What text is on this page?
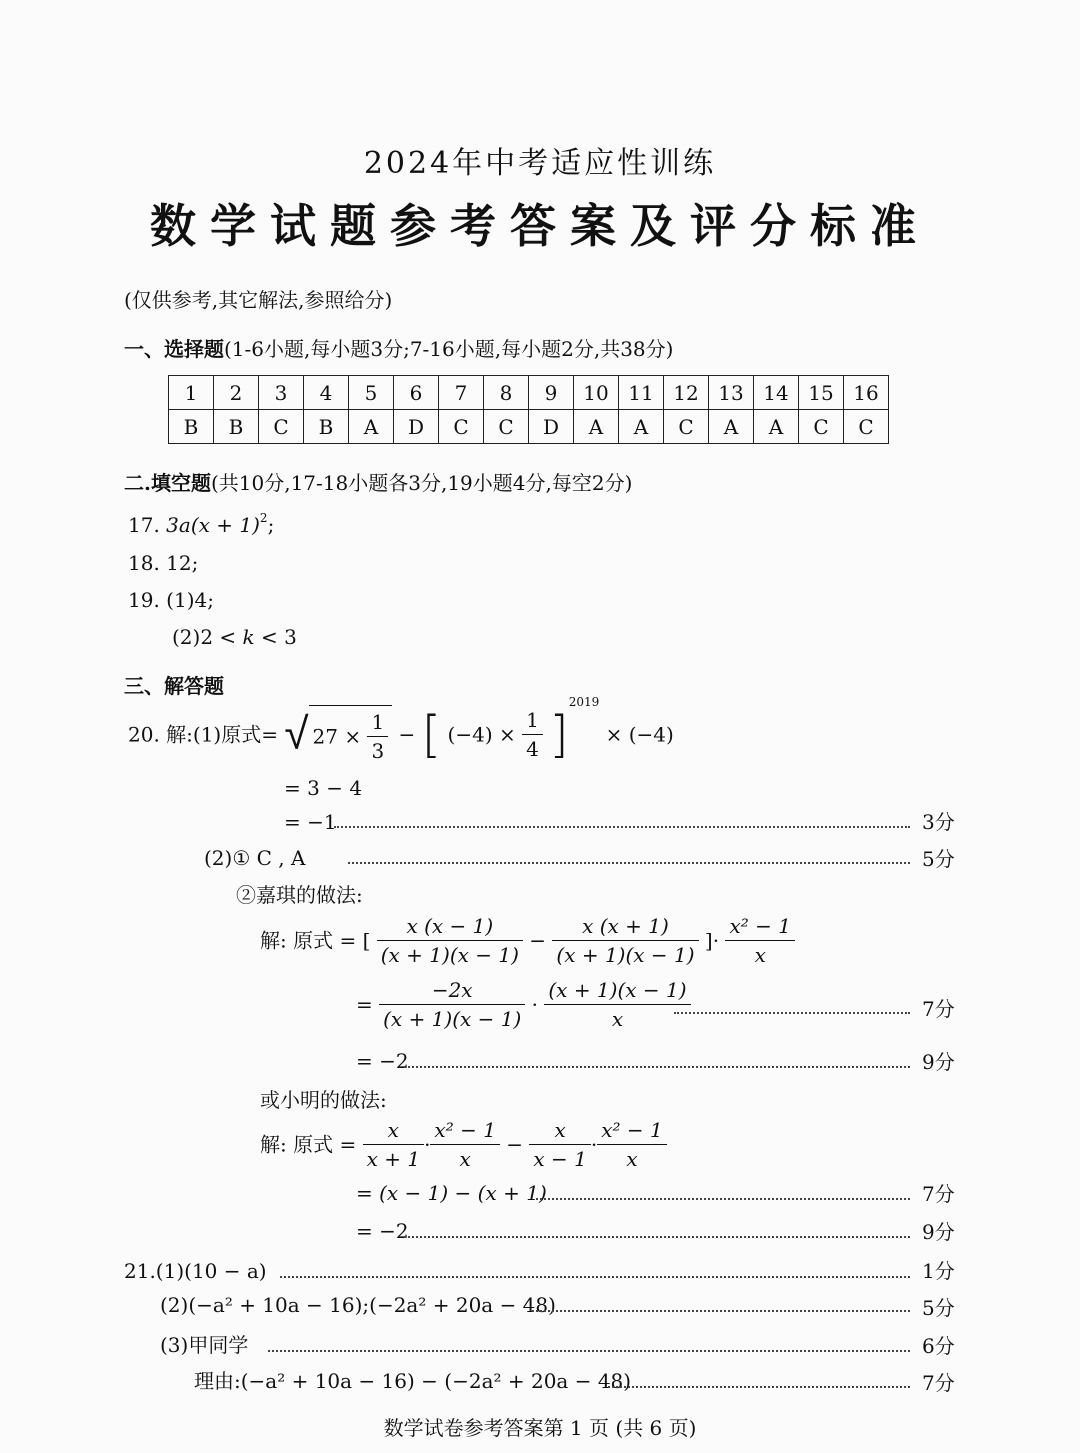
2024年中考适应性训练
数学试题参考答案及评分标准
(仅供参考,其它解法,参照给分)
一、选择题(1-6小题,每小题3分;7-16小题,每小题2分,共38分)
1	2	3	4	5	6	7	8	9	10	11	12	13	14	15	16
B	B	C	B	A	D	C	C	D	A	A	C	A	A	C	C
二.填空题(共10分,17-18小题各3分,19小题4分,每空2分)
17. $3a(x + 1)^2$;
18. 12;
19. (1)4;
(2)2 < k < 3
三、解答题
20. 解:(1)原式= √ $27 \times \frac{1}{3}$ − [ $(-4) \times \frac{1}{4} ]^{2019} \times (-4)$
= 3 − 4
= −1	3分
(2)① C , A	5分
②嘉琪的做法:
解: 原式 = [ $\frac{x (x - 1)}{(x + 1)(x - 1)} - \frac{x (x + 1)}{(x + 1)(x - 1)}$ ]· $\frac{\text{x² − 1}}{x}$
= $\frac{-2x}{(x + 1)(x - 1)} \cdot \frac{(x + 1)(x - 1)}{x}$	7分
= −2	9分
或小明的做法:
解: 原式 = $\frac{x}{x + 1} \cdot \frac{\text{x² − 1}}{x} - \frac{x}{x - 1} \cdot \frac{\text{x² − 1}}{x}$
= (x − 1) − (x + 1)	7分
= −2	9分
21.(1)(10 − a)	1分
(2)(−a² + 10a − 16);(−2a² + 20a − 48)	5分
(3)甲同学	6分
理由:(−a² + 10a − 16) − (−2a² + 20a − 48)	7分
数学试卷参考答案第 1 页 (共 6 页)
